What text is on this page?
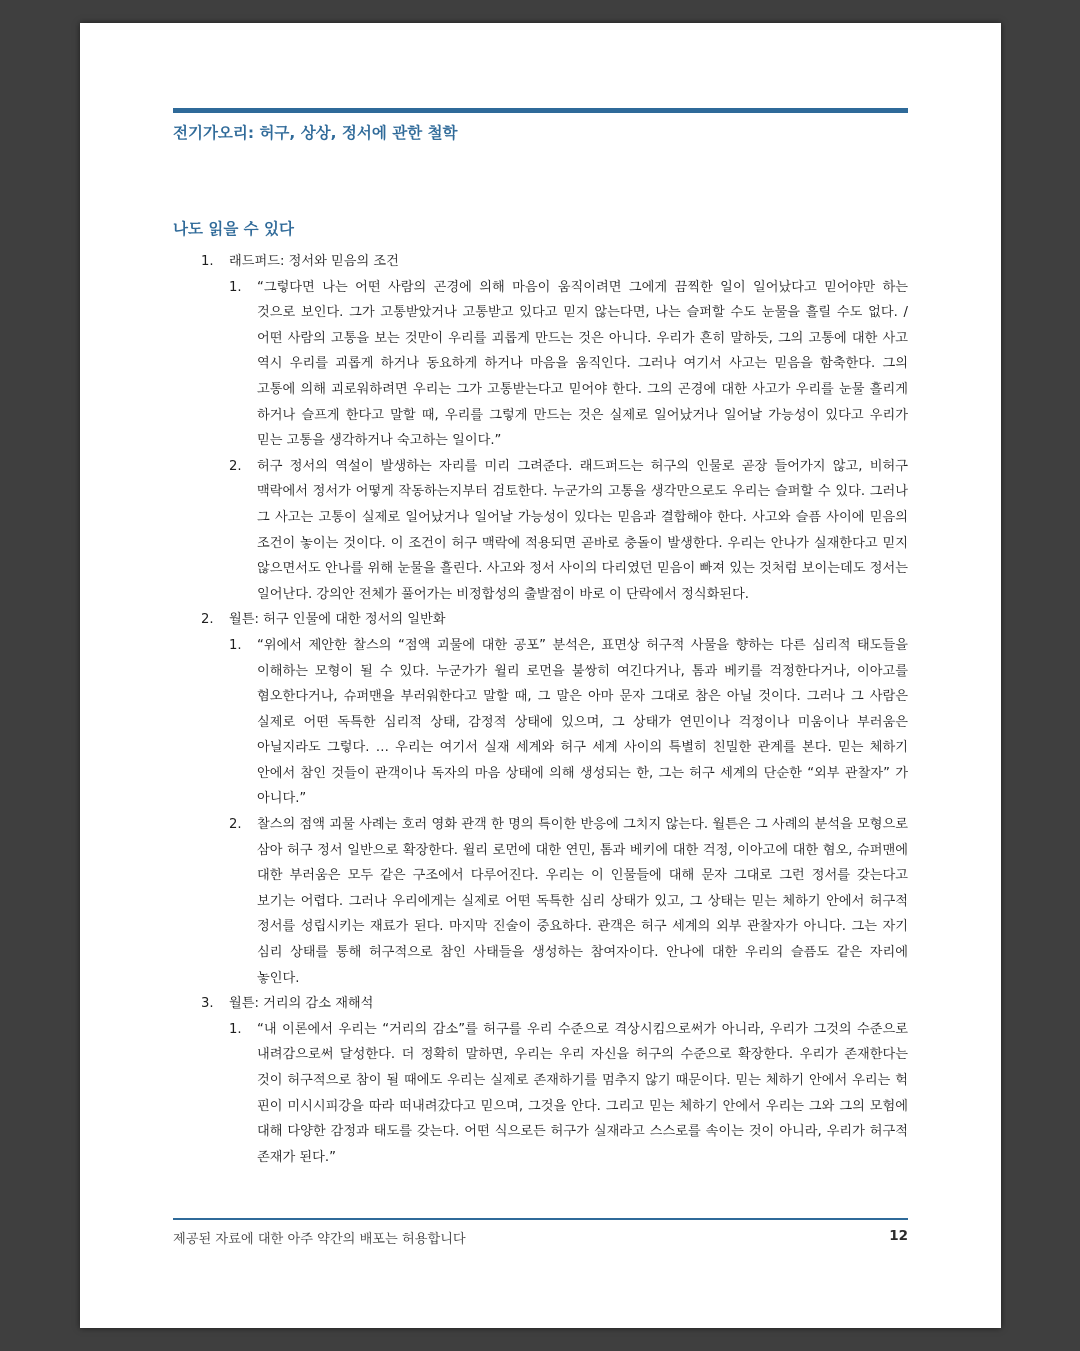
전기가오리: 허구, 상상, 정서에 관한 철학
나도 읽을 수 있다
1. 래드퍼드: 정서와 믿음의 조건
1. “그렇다면 나는 어떤 사람의 곤경에 의해 마음이 움직이려면 그에게 끔찍한 일이 일어났다고 믿어야만 하는 것으로 보인다. 그가 고통받았거나 고통받고 있다고 믿지 않는다면, 나는 슬퍼할 수도 눈물을 흘릴 수도 없다. / 어떤 사람의 고통을 보는 것만이 우리를 괴롭게 만드는 것은 아니다. 우리가 흔히 말하듯, 그의 고통에 대한 사고 역시 우리를 괴롭게 하거나 동요하게 하거나 마음을 움직인다. 그러나 여기서 사고는 믿음을 함축한다. 그의 고통에 의해 괴로워하려면 우리는 그가 고통받는다고 믿어야 한다. 그의 곤경에 대한 사고가 우리를 눈물 흘리게 하거나 슬프게 한다고 말할 때, 우리를 그렇게 만드는 것은 실제로 일어났거나 일어날 가능성이 있다고 우리가 믿는 고통을 생각하거나 숙고하는 일이다.”
2. 허구 정서의 역설이 발생하는 자리를 미리 그려준다. 래드퍼드는 허구의 인물로 곧장 들어가지 않고, 비허구 맥락에서 정서가 어떻게 작동하는지부터 검토한다. 누군가의 고통을 생각만으로도 우리는 슬퍼할 수 있다. 그러나 그 사고는 고통이 실제로 일어났거나 일어날 가능성이 있다는 믿음과 결합해야 한다. 사고와 슬픔 사이에 믿음의 조건이 놓이는 것이다. 이 조건이 허구 맥락에 적용되면 곧바로 충돌이 발생한다. 우리는 안나가 실재한다고 믿지 않으면서도 안나를 위해 눈물을 흘린다. 사고와 정서 사이의 다리였던 믿음이 빠져 있는 것처럼 보이는데도 정서는 일어난다. 강의안 전체가 풀어가는 비정합성의 출발점이 바로 이 단락에서 정식화된다.
2. 월튼: 허구 인물에 대한 정서의 일반화
1. “위에서 제안한 찰스의 “점액 괴물에 대한 공포” 분석은, 표면상 허구적 사물을 향하는 다른 심리적 태도들을 이해하는 모형이 될 수 있다. 누군가가 윌리 로먼을 불쌍히 여긴다거나, 톰과 베키를 걱정한다거나, 이아고를 혐오한다거나, 슈퍼맨을 부러워한다고 말할 때, 그 말은 아마 문자 그대로 참은 아닐 것이다. 그러나 그 사람은 실제로 어떤 독특한 심리적 상태, 감정적 상태에 있으며, 그 상태가 연민이나 걱정이나 미움이나 부러움은 아닐지라도 그렇다. … 우리는 여기서 실재 세계와 허구 세계 사이의 특별히 친밀한 관계를 본다. 믿는 체하기 안에서 참인 것들이 관객이나 독자의 마음 상태에 의해 생성되는 한, 그는 허구 세계의 단순한 “외부 관찰자” 가 아니다.”
2. 찰스의 점액 괴물 사례는 호러 영화 관객 한 명의 특이한 반응에 그치지 않는다. 월튼은 그 사례의 분석을 모형으로 삼아 허구 정서 일반으로 확장한다. 윌리 로먼에 대한 연민, 톰과 베키에 대한 걱정, 이아고에 대한 혐오, 슈퍼맨에 대한 부러움은 모두 같은 구조에서 다루어진다. 우리는 이 인물들에 대해 문자 그대로 그런 정서를 갖는다고 보기는 어렵다. 그러나 우리에게는 실제로 어떤 독특한 심리 상태가 있고, 그 상태는 믿는 체하기 안에서 허구적 정서를 성립시키는 재료가 된다. 마지막 진술이 중요하다. 관객은 허구 세계의 외부 관찰자가 아니다. 그는 자기 심리 상태를 통해 허구적으로 참인 사태들을 생성하는 참여자이다. 안나에 대한 우리의 슬픔도 같은 자리에 놓인다.
3. 월튼: 거리의 감소 재해석
1. “내 이론에서 우리는 “거리의 감소”를 허구를 우리 수준으로 격상시킴으로써가 아니라, 우리가 그것의 수준으로 내려감으로써 달성한다. 더 정확히 말하면, 우리는 우리 자신을 허구의 수준으로 확장한다. 우리가 존재한다는 것이 허구적으로 참이 될 때에도 우리는 실제로 존재하기를 멈추지 않기 때문이다. 믿는 체하기 안에서 우리는 헉 핀이 미시시피강을 따라 떠내려갔다고 믿으며, 그것을 안다. 그리고 믿는 체하기 안에서 우리는 그와 그의 모험에 대해 다양한 감정과 태도를 갖는다. 어떤 식으로든 허구가 실재라고 스스로를 속이는 것이 아니라, 우리가 허구적 존재가 된다.”
제공된 자료에 대한 아주 약간의 배포는 허용합니다	12
